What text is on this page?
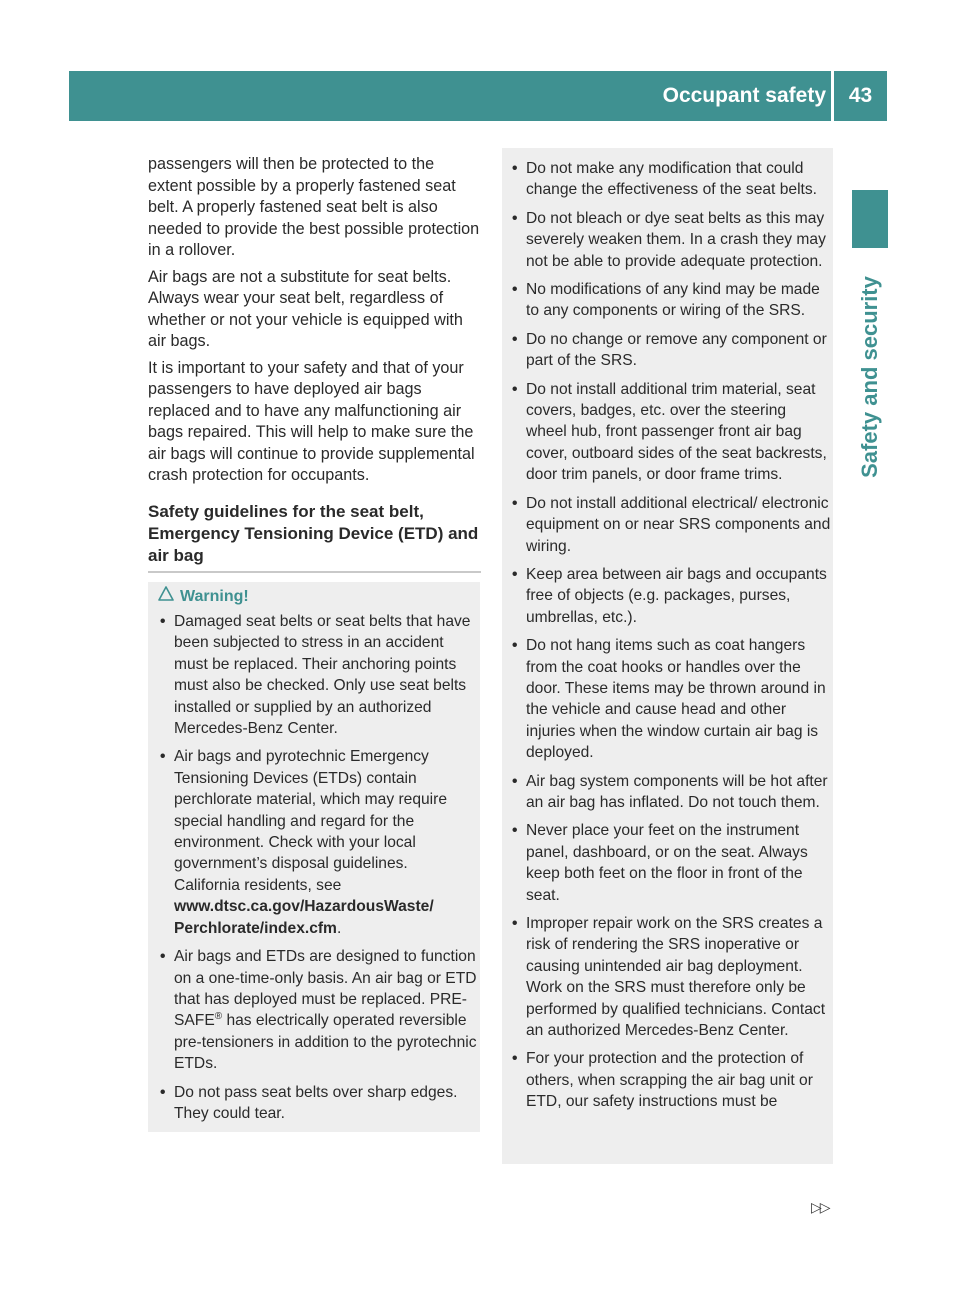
Occupant safety	43
Safety and security

passengers will then be protected to the extent possible by a properly fastened seat belt. A properly fastened seat belt is also needed to provide the best possible protection in a rollover.

Air bags are not a substitute for seat belts. Always wear your seat belt, regardless of whether or not your vehicle is equipped with air bags.

It is important to your safety and that of your passengers to have deployed air bags replaced and to have any malfunctioning air bags repaired. This will help to make sure the air bags will continue to provide supplemental crash protection for occupants.

Safety guidelines for the seat belt, Emergency Tensioning Device (ETD) and air bag
Warning!
• Damaged seat belts or seat belts that have been subjected to stress in an accident must be replaced. Their anchoring points must also be checked. Only use seat belts installed or supplied by an authorized Mercedes-Benz Center.
• Air bags and pyrotechnic Emergency Tensioning Devices (ETDs) contain perchlorate material, which may require special handling and regard for the environment. Check with your local government’s disposal guidelines. California residents, see
www.dtsc.ca.gov/HazardousWaste/ Perchlorate/index.cfm.
• Air bags and ETDs are designed to function on a one-time-only basis. An air bag or ETD that has deployed must be replaced. PRE-SAFE® has electrically operated reversible pre-tensioners in addition to the pyrotechnic ETDs.
• Do not pass seat belts over sharp edges. They could tear.
• Do not make any modification that could change the effectiveness of the seat belts.
• Do not bleach or dye seat belts as this may severely weaken them. In a crash they may not be able to provide adequate protection.
• No modifications of any kind may be made to any components or wiring of the SRS.
• Do no change or remove any component or part of the SRS.
• Do not install additional trim material, seat covers, badges, etc. over the steering wheel hub, front passenger front air bag cover, outboard sides of the seat backrests, door trim panels, or door frame trims.
• Do not install additional electrical/ electronic equipment on or near SRS components and wiring.
• Keep area between air bags and occupants free of objects (e.g. packages, purses, umbrellas, etc.).
• Do not hang items such as coat hangers from the coat hooks or handles over the door. These items may be thrown around in the vehicle and cause head and other injuries when the window curtain air bag is deployed.
• Air bag system components will be hot after an air bag has inflated. Do not touch them.
• Never place your feet on the instrument panel, dashboard, or on the seat. Always keep both feet on the floor in front of the seat.
• Improper repair work on the SRS creates a risk of rendering the SRS inoperative or causing unintended air bag deployment. Work on the SRS must therefore only be performed by qualified technicians. Contact an authorized Mercedes-Benz Center.
• For your protection and the protection of others, when scrapping the air bag unit or ETD, our safety instructions must be
▷▷
